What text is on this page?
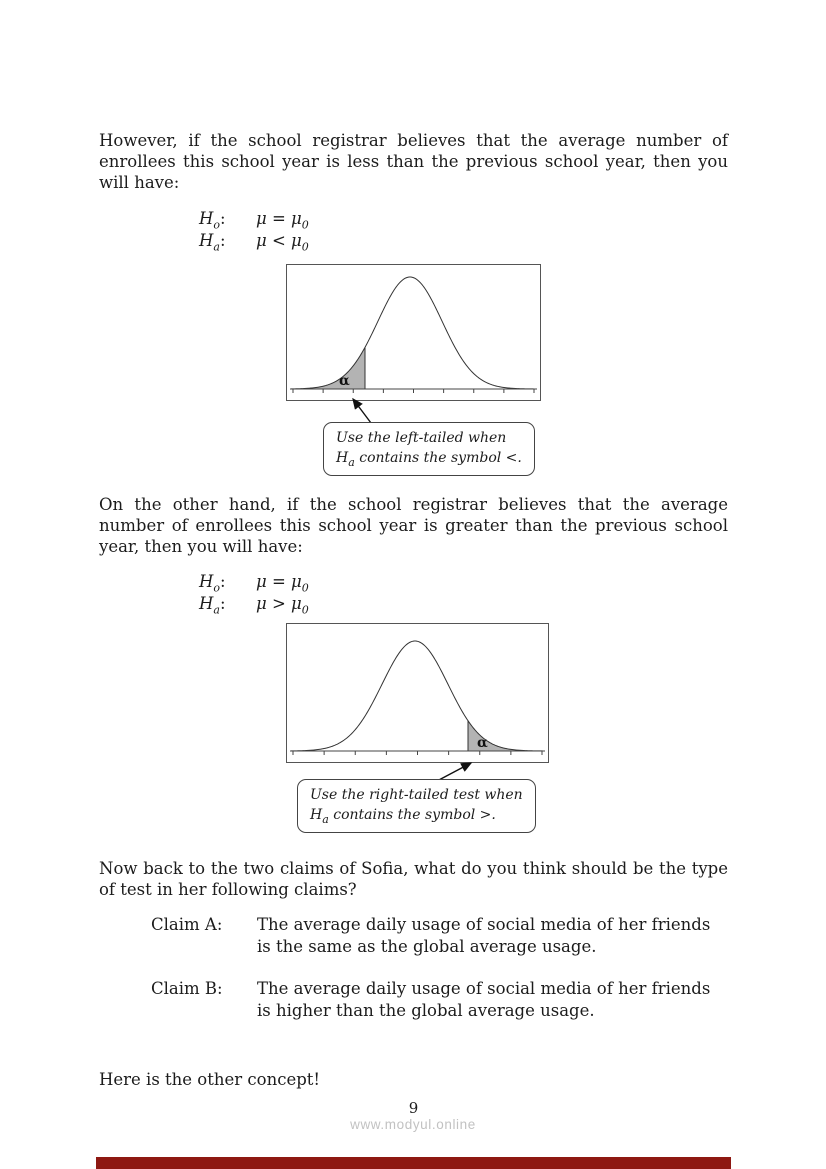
However, if the school registrar believes that the average number of enrollees this school year is less than the previous school year, then you will have:

$H_o$:	$\mu = \mu_0$
$H_a$:	$\mu < \mu_0$
α
Use the left-tailed when
$H_a$ contains the symbol <.

On the other hand, if the school registrar believes that the average number of enrollees this school year is greater than the previous school year, then you will have:

$H_o$:	$\mu = \mu_0$
$H_a$:	$\mu > \mu_0$
α
Use the right-tailed test when
$H_a$ contains the symbol >.

Now back to the two claims of Sofia, what do you think should be the type of test in her following claims?

Claim A:	The average daily usage of social media of her friends is the same as the global average usage.
Claim B:	The average daily usage of social media of her friends is higher than the global average usage.

Here is the other concept!

9
www.modyul.online
